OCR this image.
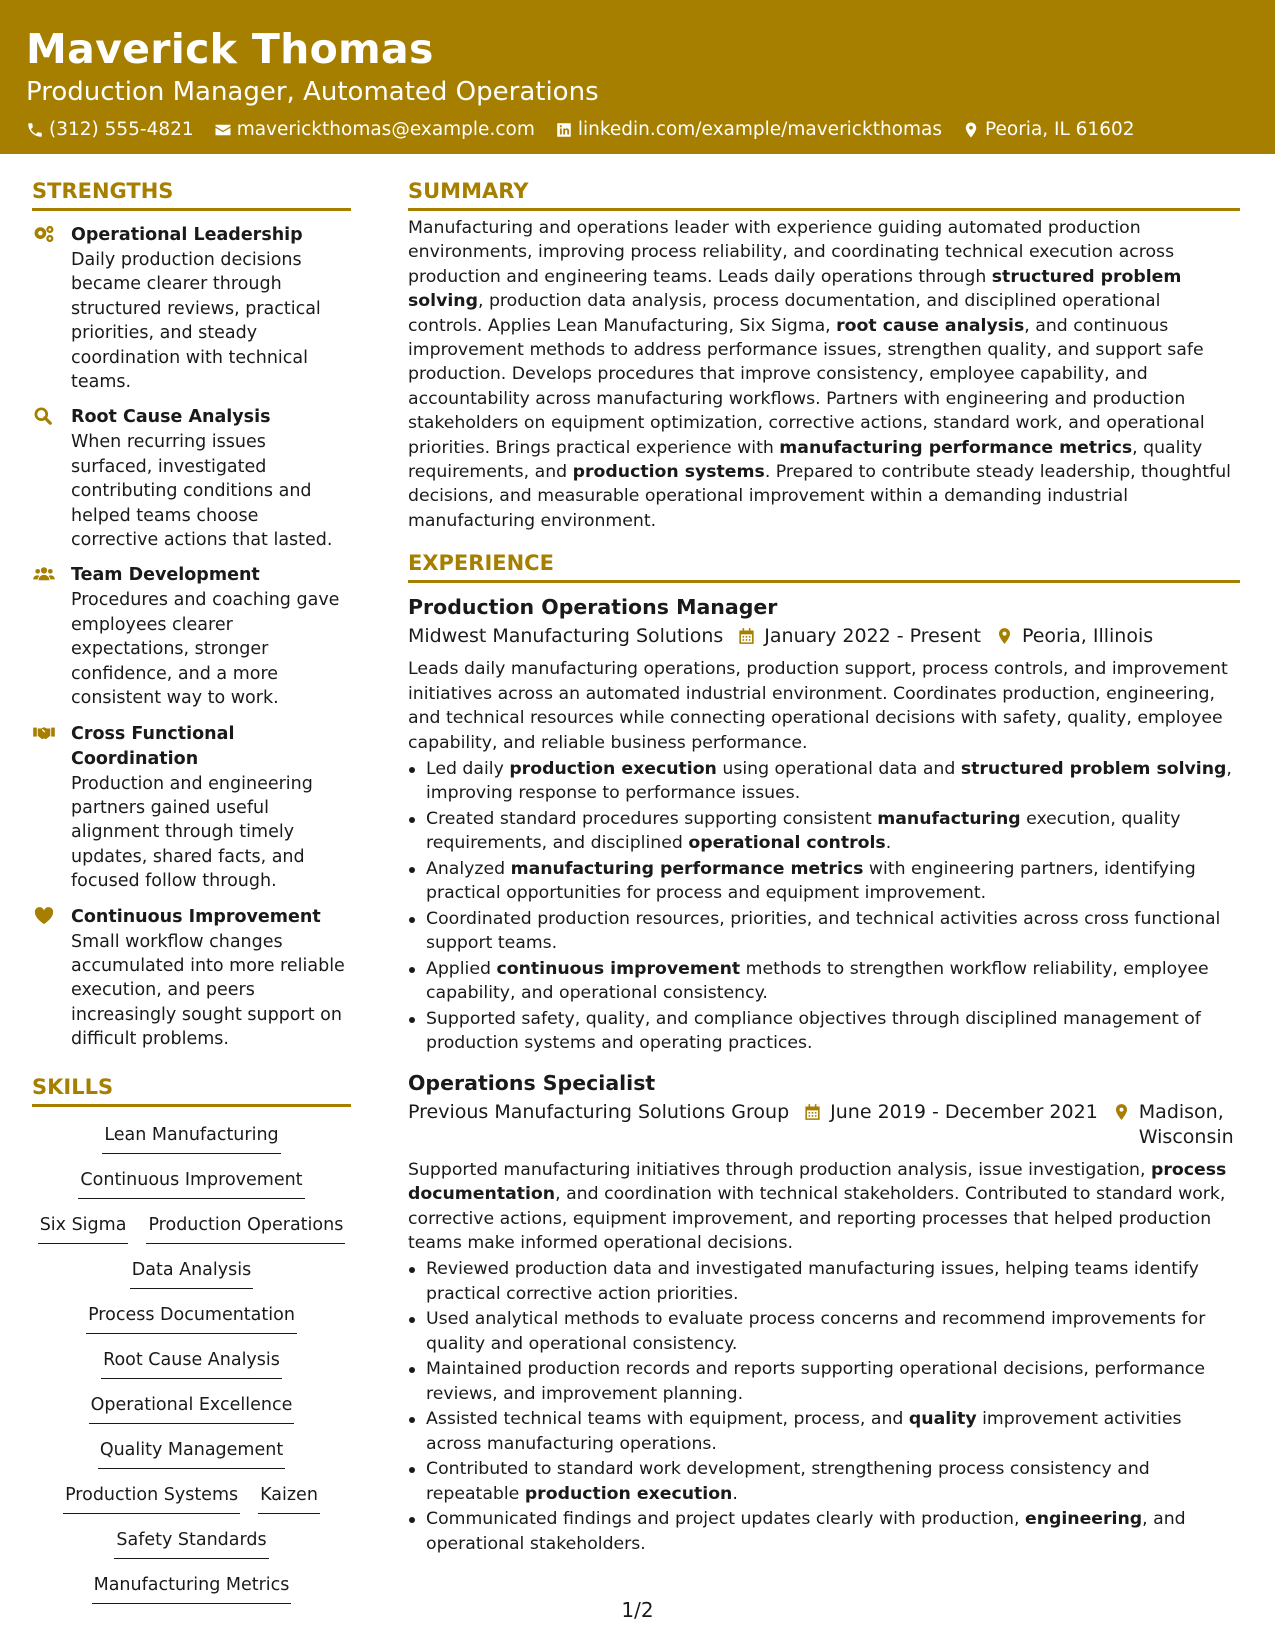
Maverick Thomas
Production Manager, Automated Operations
(312) 555-4821 maverickthomas@example.com linkedin.com/example/maverickthomas Peoria, IL 61602
STRENGTHS
Operational Leadership
Daily production decisions became clearer through structured reviews, practical priorities, and steady coordination with technical teams.
Root Cause Analysis
When recurring issues surfaced, investigated contributing conditions and helped teams choose corrective actions that lasted.
Team Development
Procedures and coaching gave employees clearer expectations, stronger confidence, and a more consistent way to work.
Cross Functional Coordination
Production and engineering partners gained useful alignment through timely updates, shared facts, and focused follow through.
Continuous Improvement
Small workflow changes accumulated into more reliable execution, and peers increasingly sought support on difficult problems.
SKILLS
Lean Manufacturing
Continuous Improvement
Six Sigma Production Operations
Data Analysis
Process Documentation
Root Cause Analysis
Operational Excellence
Quality Management
Production Systems Kaizen
Safety Standards
Manufacturing Metrics
SUMMARY
Manufacturing and operations leader with experience guiding automated production environments, improving process reliability, and coordinating technical execution across production and engineering teams. Leads daily operations through structured problem solving, production data analysis, process documentation, and disciplined operational controls. Applies Lean Manufacturing, Six Sigma, root cause analysis, and continuous improvement methods to address performance issues, strengthen quality, and support safe production. Develops procedures that improve consistency, employee capability, and accountability across manufacturing workflows. Partners with engineering and production stakeholders on equipment optimization, corrective actions, standard work, and operational priorities. Brings practical experience with manufacturing performance metrics, quality requirements, and production systems. Prepared to contribute steady leadership, thoughtful decisions, and measurable operational improvement within a demanding industrial manufacturing environment.
EXPERIENCE
Production Operations Manager
Midwest Manufacturing Solutions January 2022 - Present Peoria, Illinois
Leads daily manufacturing operations, production support, process controls, and improvement initiatives across an automated industrial environment. Coordinates production, engineering, and technical resources while connecting operational decisions with safety, quality, employee capability, and reliable business performance.
Led daily production execution using operational data and structured problem solving, improving response to performance issues.
Created standard procedures supporting consistent manufacturing execution, quality requirements, and disciplined operational controls.
Analyzed manufacturing performance metrics with engineering partners, identifying practical opportunities for process and equipment improvement.
Coordinated production resources, priorities, and technical activities across cross functional support teams.
Applied continuous improvement methods to strengthen workflow reliability, employee capability, and operational consistency.
Supported safety, quality, and compliance objectives through disciplined management of production systems and operating practices.
Operations Specialist
Previous Manufacturing Solutions Group June 2019 - December 2021 Madison, Wisconsin
Supported manufacturing initiatives through production analysis, issue investigation, process documentation, and coordination with technical stakeholders. Contributed to standard work, corrective actions, equipment improvement, and reporting processes that helped production teams make informed operational decisions.
Reviewed production data and investigated manufacturing issues, helping teams identify practical corrective action priorities.
Used analytical methods to evaluate process concerns and recommend improvements for quality and operational consistency.
Maintained production records and reports supporting operational decisions, performance reviews, and improvement planning.
Assisted technical teams with equipment, process, and quality improvement activities across manufacturing operations.
Contributed to standard work development, strengthening process consistency and repeatable production execution.
Communicated findings and project updates clearly with production, engineering, and operational stakeholders.
1/2
